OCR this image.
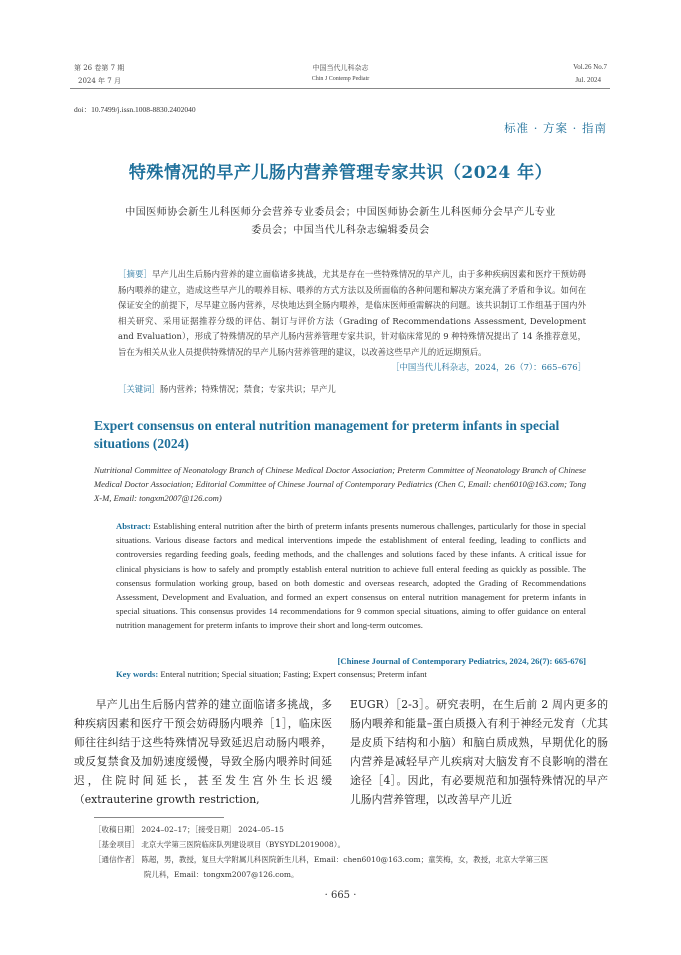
第 26 卷第 7 期
2024 年 7 月
中国当代儿科杂志
Chin J Contemp Pediatr
Vol.26 No.7
Jul. 2024
doi：10.7499/j.issn.1008-8830.2402040
标准 · 方案 · 指南
特殊情况的早产儿肠内营养管理专家共识（2024 年）
中国医师协会新生儿科医师分会营养专业委员会；中国医师协会新生儿科医师分会早产儿专业
委员会；中国当代儿科杂志编辑委员会
［摘要］早产儿出生后肠内营养的建立面临诸多挑战，尤其是存在一些特殊情况的早产儿，由于多种疾病因素和医疗干预妨碍肠内喂养的建立，造成这些早产儿的喂养目标、喂养的方式方法以及所面临的各种问题和解决方案充满了矛盾和争议。如何在保证安全的前提下，尽早建立肠内营养，尽快地达到全肠内喂养，是临床医师亟需解决的问题。该共识制订工作组基于国内外相关研究、采用证据推荐分级的评估、制订与评价方法（Grading of Recommendations Assessment, Development and Evaluation），形成了特殊情况的早产儿肠内营养管理专家共识，针对临床常见的 9 种特殊情况提出了 14 条推荐意见，旨在为相关从业人员提供特殊情况的早产儿肠内营养管理的建议，以改善这些早产儿的近远期预后。
［中国当代儿科杂志，2024，26（7）：665–676］
［关键词］肠内营养；特殊情况；禁食；专家共识；早产儿
Expert consensus on enteral nutrition management for preterm infants in special situations (2024)
Nutritional Committee of Neonatology Branch of Chinese Medical Doctor Association; Preterm Committee of Neonatology Branch of Chinese Medical Doctor Association; Editorial Committee of Chinese Journal of Contemporary Pediatrics (Chen C, Email: chen6010@163.com; Tong X-M, Email: tongxm2007@126.com)
Abstract: Establishing enteral nutrition after the birth of preterm infants presents numerous challenges, particularly for those in special situations. Various disease factors and medical interventions impede the establishment of enteral feeding, leading to conflicts and controversies regarding feeding goals, feeding methods, and the challenges and solutions faced by these infants. A critical issue for clinical physicians is how to safely and promptly establish enteral nutrition to achieve full enteral feeding as quickly as possible. The consensus formulation working group, based on both domestic and overseas research, adopted the Grading of Recommendations Assessment, Development and Evaluation, and formed an expert consensus on enteral nutrition management for preterm infants in special situations. This consensus provides 14 recommendations for 9 common special situations, aiming to offer guidance on enteral nutrition management for preterm infants to improve their short and long-term outcomes.
[Chinese Journal of Contemporary Pediatrics, 2024, 26(7): 665-676]
Key words: Enteral nutrition; Special situation; Fasting; Expert consensus; Preterm infant
早产儿出生后肠内营养的建立面临诸多挑战，多种疾病因素和医疗干预会妨碍肠内喂养［1］，临床医师往往纠结于这些特殊情况导致延迟启动肠内喂养，或反复禁食及加奶速度缓慢，导致全肠内喂养时间延迟，住院时间延长，甚至发生宫外生长迟缓（extrauterine growth restriction,
EUGR）［2-3］。研究表明，在生后前 2 周内更多的肠内喂养和能量–蛋白质摄入有利于神经元发育（尤其是皮质下结构和小脑）和脑白质成熟，早期优化的肠内营养是减轻早产儿疾病对大脑发育不良影响的潜在途径［4］。因此，有必要规范和加强特殊情况的早产儿肠内营养管理，以改善早产儿近
［收稿日期］ 2024–02–17；［接受日期］ 2024–05–15
［基金项目］ 北京大学第三医院临床队列建设项目（BYSYDL2019008）。
［通信作者］ 陈超，男，教授，复旦大学附属儿科医院新生儿科，Email：chen6010@163.com；童笑梅，女，教授，北京大学第三医
院儿科，Email：tongxm2007@126.com。
· 665 ·
